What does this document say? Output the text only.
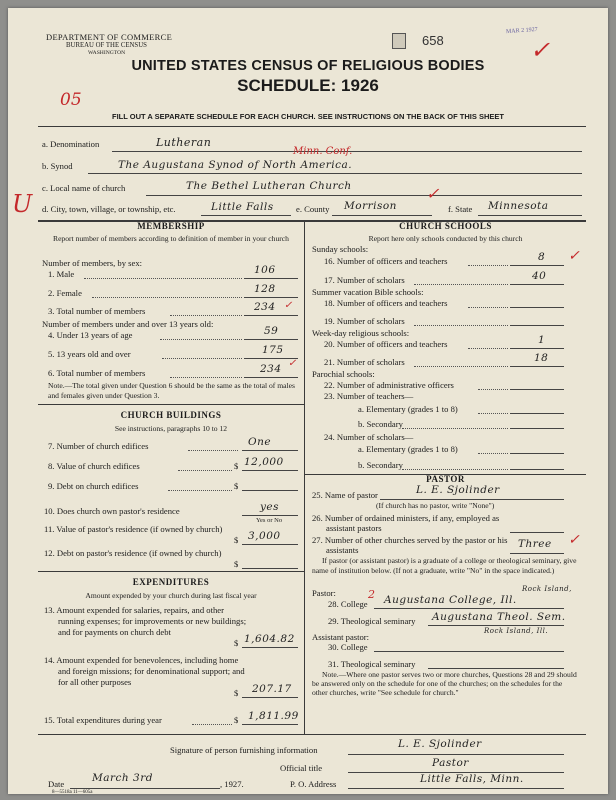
DEPARTMENT OF COMMERCE
BUREAU OF THE CENSUS
WASHINGTON
658
MAR 2 1927
✓
UNITED STATES CENSUS OF RELIGIOUS BODIES
SCHEDULE: 1926
05
FILL OUT A SEPARATE SCHEDULE FOR EACH CHURCH. SEE INSTRUCTIONS ON THE BACK OF THIS SHEET
a. Denomination	Lutheran
b. Synod	The Augustana Synod of North America.
Minn. Conf.
c. Local name of church	The Bethel Lutheran Church
U d. City, town, village, or township, etc.	Little Falls	e. County Morrison
✓
f. State Minnesota
MEMBERSHIP
Report number of members according to definition of member in your church
Number of members, by sex:
1. Male	106
2. Female	128
3. Total number of members	234 ✓
Number of members under and over 13 years old:
4. Under 13 years of age	59
5. 13 years old and over	175
6. Total number of members	234 ✓
Note.—The total given under Question 6 should be the same as the total of males and females given under Question 3.
CHURCH BUILDINGS
See instructions, paragraphs 10 to 12
7. Number of church edifices	One
8. Value of church edifices	$ 12,000
9. Debt on church edifices	$
10. Does church own pastor's residence	yes
Yes or No
11. Value of pastor's residence (if owned by church)
$ 3,000
12. Debt on pastor's residence (if owned by church)
$
EXPENDITURES
Amount expended by your church during last fiscal year
13. Amount expended for salaries, repairs, and other running expenses; for improvements or new buildings; and for payments on church debt
$ 1,604.82
14. Amount expended for benevolences, including home and foreign missions; for denominational support; and for all other purposes
$ 207.17
15. Total expenditures during year	$ 1,811.99
CHURCH SCHOOLS
Report here only schools conducted by this church
Sunday schools:
16. Number of officers and teachers	8 ✓
17. Number of scholars	40
Summer vacation Bible schools:
18. Number of officers and teachers
19. Number of scholars
Week-day religious schools:
20. Number of officers and teachers	1
21. Number of scholars	18
Parochial schools:
22. Number of administrative officers
23. Number of teachers—
a. Elementary (grades 1 to 8)
b. Secondary
24. Number of scholars—
a. Elementary (grades 1 to 8)
b. Secondary
PASTOR
25. Name of pastor	L. E. Sjolinder
(If church has no pastor, write "None")
26. Number of ordained ministers, if any, employed as assistant pastors
27. Number of other churches served by the pastor or his assistants	Three ✓
If pastor (or assistant pastor) is a graduate of a college or theological seminary, give name of institution below. (If not a graduate, write "No" in the space indicated.)
Pastor:
28. College Augustana College, Ill.
Rock Island,
2
29. Theological seminary Augustana Theol. Sem.
Rock Island, Ill.
Assistant pastor:
30. College
31. Theological seminary
Note.—Where one pastor serves two or more churches, Questions 28 and 29 should be answered only on the schedule for one of the churches; on the schedules for the other churches, write "See schedule for church."
Signature of person furnishing information	L. E. Sjolinder
Official title	Pastor
Date	March 3rd	, 1927.
8—5518a 11—605a
P. O. Address	Little Falls, Minn.
